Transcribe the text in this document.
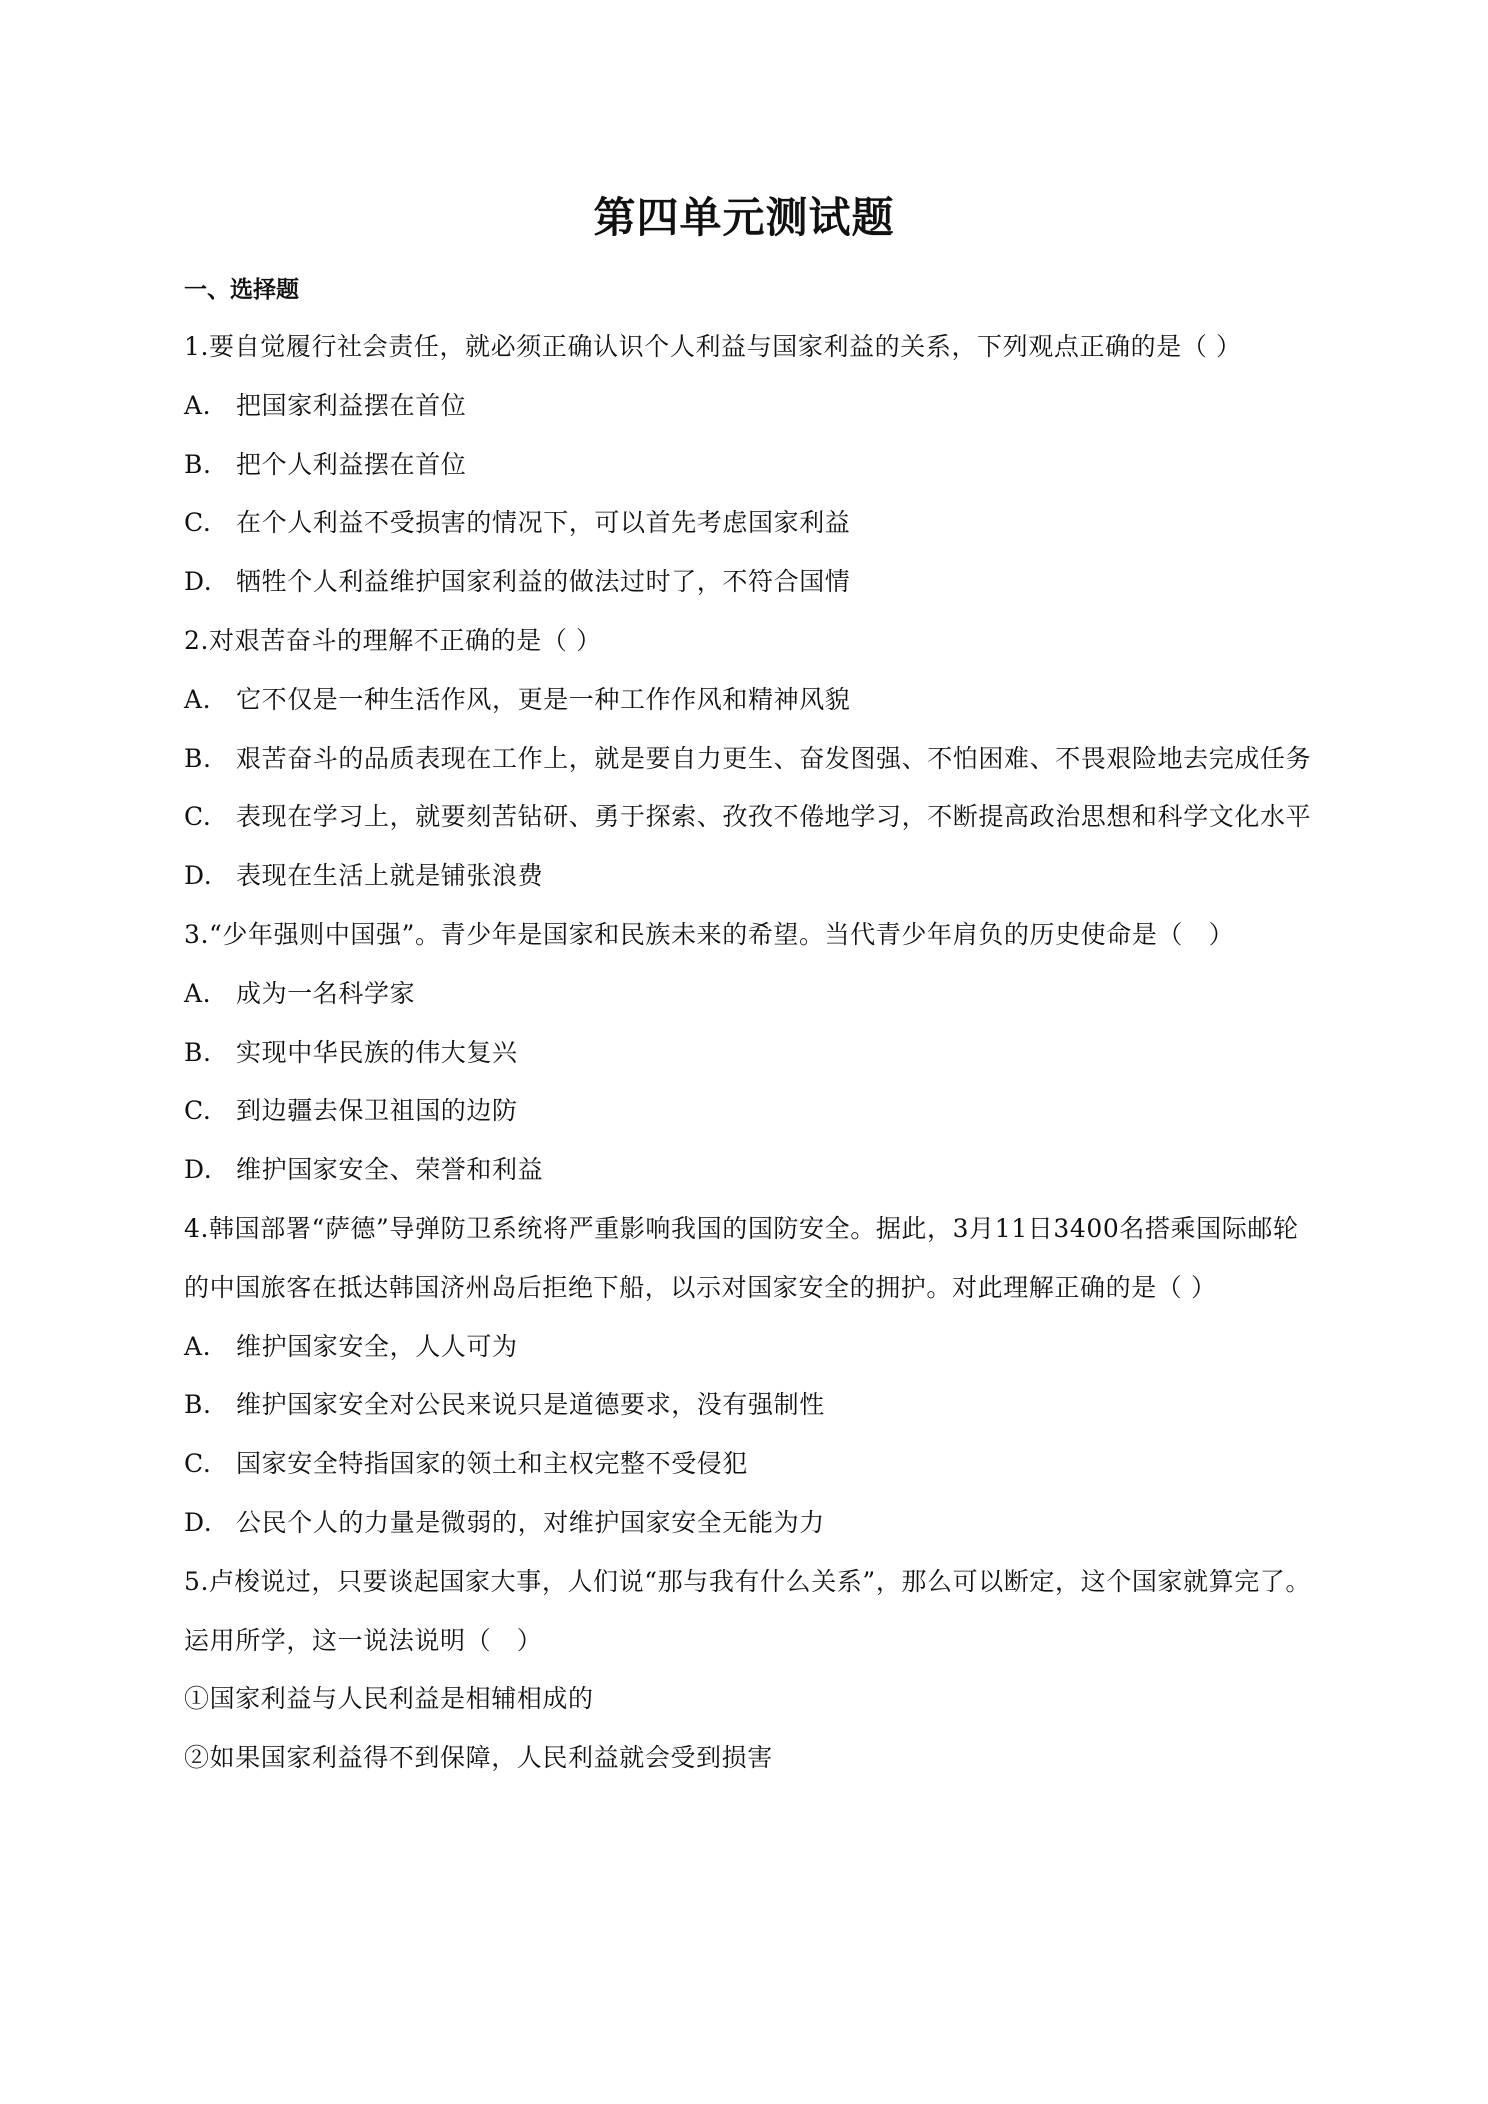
第四单元测试题
一、选择题
1.要自觉履行社会责任，就必须正确认识个人利益与国家利益的关系，下列观点正确的是（ ）
A. 把国家利益摆在首位
B. 把个人利益摆在首位
C. 在个人利益不受损害的情况下，可以首先考虑国家利益
D. 牺牲个人利益维护国家利益的做法过时了，不符合国情
2.对艰苦奋斗的理解不正确的是（ ）
A. 它不仅是一种生活作风，更是一种工作作风和精神风貌
B. 艰苦奋斗的品质表现在工作上，就是要自力更生、奋发图强、不怕困难、不畏艰险地去完成任务
C. 表现在学习上，就要刻苦钻研、勇于探索、孜孜不倦地学习，不断提高政治思想和科学文化水平
D. 表现在生活上就是铺张浪费
3.“少年强则中国强”。青少年是国家和民族未来的希望。当代青少年肩负的历史使命是（　）
A. 成为一名科学家
B. 实现中华民族的伟大复兴
C. 到边疆去保卫祖国的边防
D. 维护国家安全、荣誉和利益
4.韩国部署“萨德”导弹防卫系统将严重影响我国的国防安全。据此，3月11日3400名搭乘国际邮轮的中国旅客在抵达韩国济州岛后拒绝下船，以示对国家安全的拥护。对此理解正确的是（ ）
A. 维护国家安全，人人可为
B. 维护国家安全对公民来说只是道德要求，没有强制性
C. 国家安全特指国家的领土和主权完整不受侵犯
D. 公民个人的力量是微弱的，对维护国家安全无能为力
5.卢梭说过，只要谈起国家大事，人们说“那与我有什么关系”，那么可以断定，这个国家就算完了。运用所学，这一说法说明（　）
①国家利益与人民利益是相辅相成的
②如果国家利益得不到保障，人民利益就会受到损害
